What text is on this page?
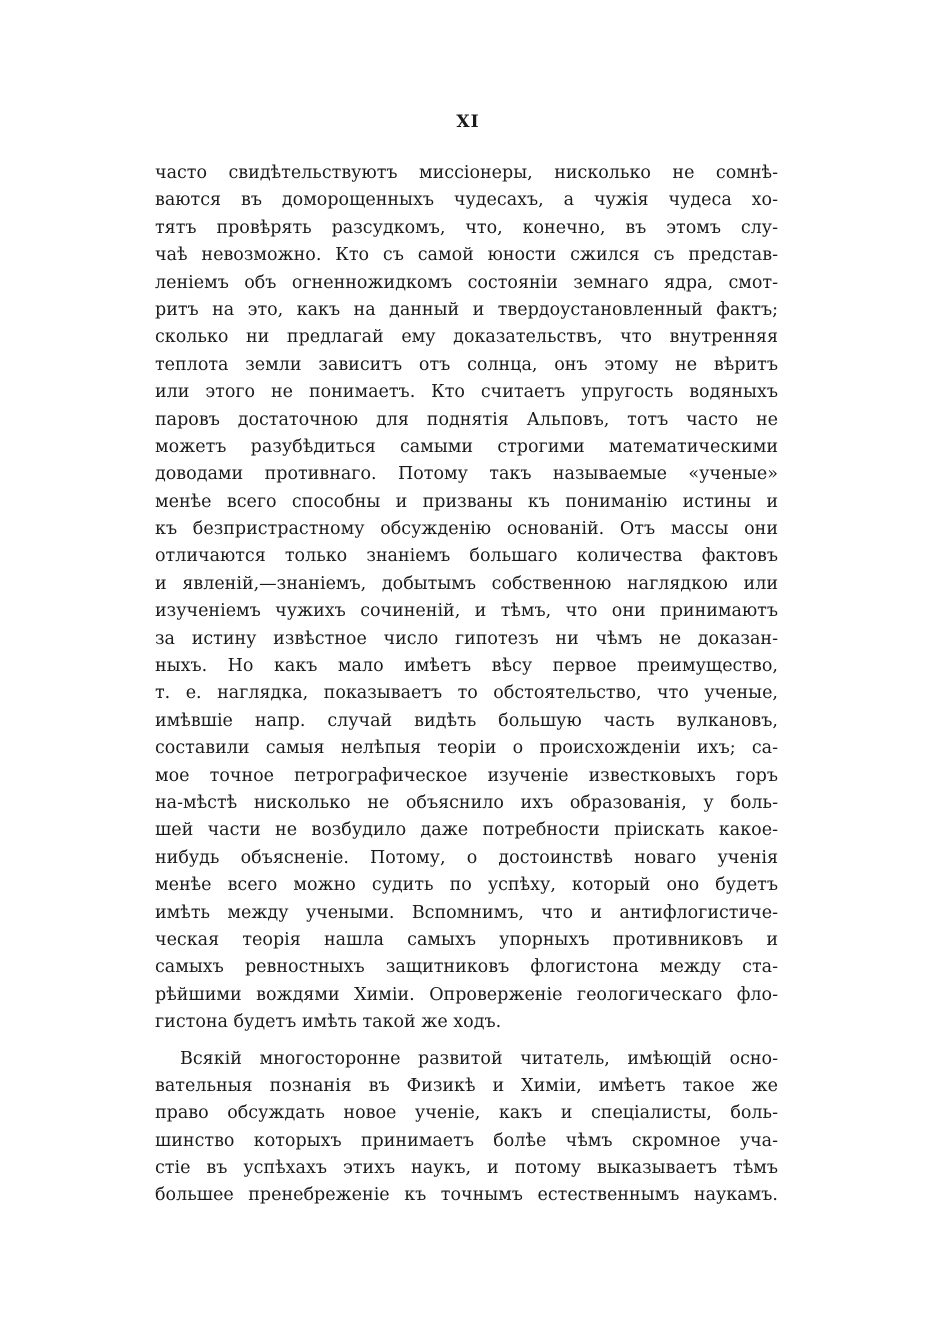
XI
часто свидѣтельствуютъ миссіонеры, нисколько не сомнѣ-
ваются въ доморощенныхъ чудесахъ, а чужія чудеса хо-
тятъ провѣрять разсудкомъ, что, конечно, въ этомъ слу-
чаѣ невозможно. Кто съ самой юности сжился съ представ-
леніемъ объ огненножидкомъ состояніи земнаго ядра, смот-
ритъ на это, какъ на данный и твердоустановленный фактъ;
сколько ни предлагай ему доказательствъ, что внутренняя
теплота земли зависитъ отъ солнца, онъ этому не вѣритъ
или этого не понимаетъ. Кто считаетъ упругость водяныхъ
паровъ достаточною для поднятія Альповъ, тотъ часто не
можетъ разубѣдиться самыми строгими математическими
доводами противнаго. Потому такъ называемые «ученые»
менѣе всего способны и призваны къ пониманію истины и
къ безпристрастному обсужденію основаній. Отъ массы они
отличаются только знаніемъ большаго количества фактовъ
и явленій,—знаніемъ, добытымъ собственною наглядкою или
изученіемъ чужихъ сочиненій, и тѣмъ, что они принимаютъ
за истину извѣстное число гипотезъ ни чѣмъ не доказан-
ныхъ. Но какъ мало имѣетъ вѣсу первое преимущество,
т. е. наглядка, показываетъ то обстоятельство, что ученые,
имѣвшіе напр. случай видѣть большую часть вулкановъ,
составили самыя нелѣпыя теоріи о происхожденіи ихъ; са-
мое точное петрографическое изученіе известковыхъ горъ
на-мѣстѣ нисколько не объяснило ихъ образованія, у боль-
шей части не возбудило даже потребности пріискать какое-
нибудь объясненіе. Потому, о достоинствѣ новаго ученія
менѣе всего можно судить по успѣху, который оно будетъ
имѣть между учеными. Вспомнимъ, что и антифлогистиче-
ческая теорія нашла самыхъ упорныхъ противниковъ и
самыхъ ревностныхъ защитниковъ флогистона между ста-
рѣйшими вождями Химіи. Опроверженіе геологическаго фло-
гистона будетъ имѣть такой же ходъ.
Всякій многосторонне развитой читатель, имѣющій осно-
вательныя познанія въ Физикѣ и Химіи, имѣетъ такое же
право обсуждать новое ученіе, какъ и спеціалисты, боль-
шинство которыхъ принимаетъ болѣе чѣмъ скромное уча-
стіе въ успѣхахъ этихъ наукъ, и потому выказываетъ тѣмъ
большее пренебреженіе къ точнымъ естественнымъ наукамъ.
